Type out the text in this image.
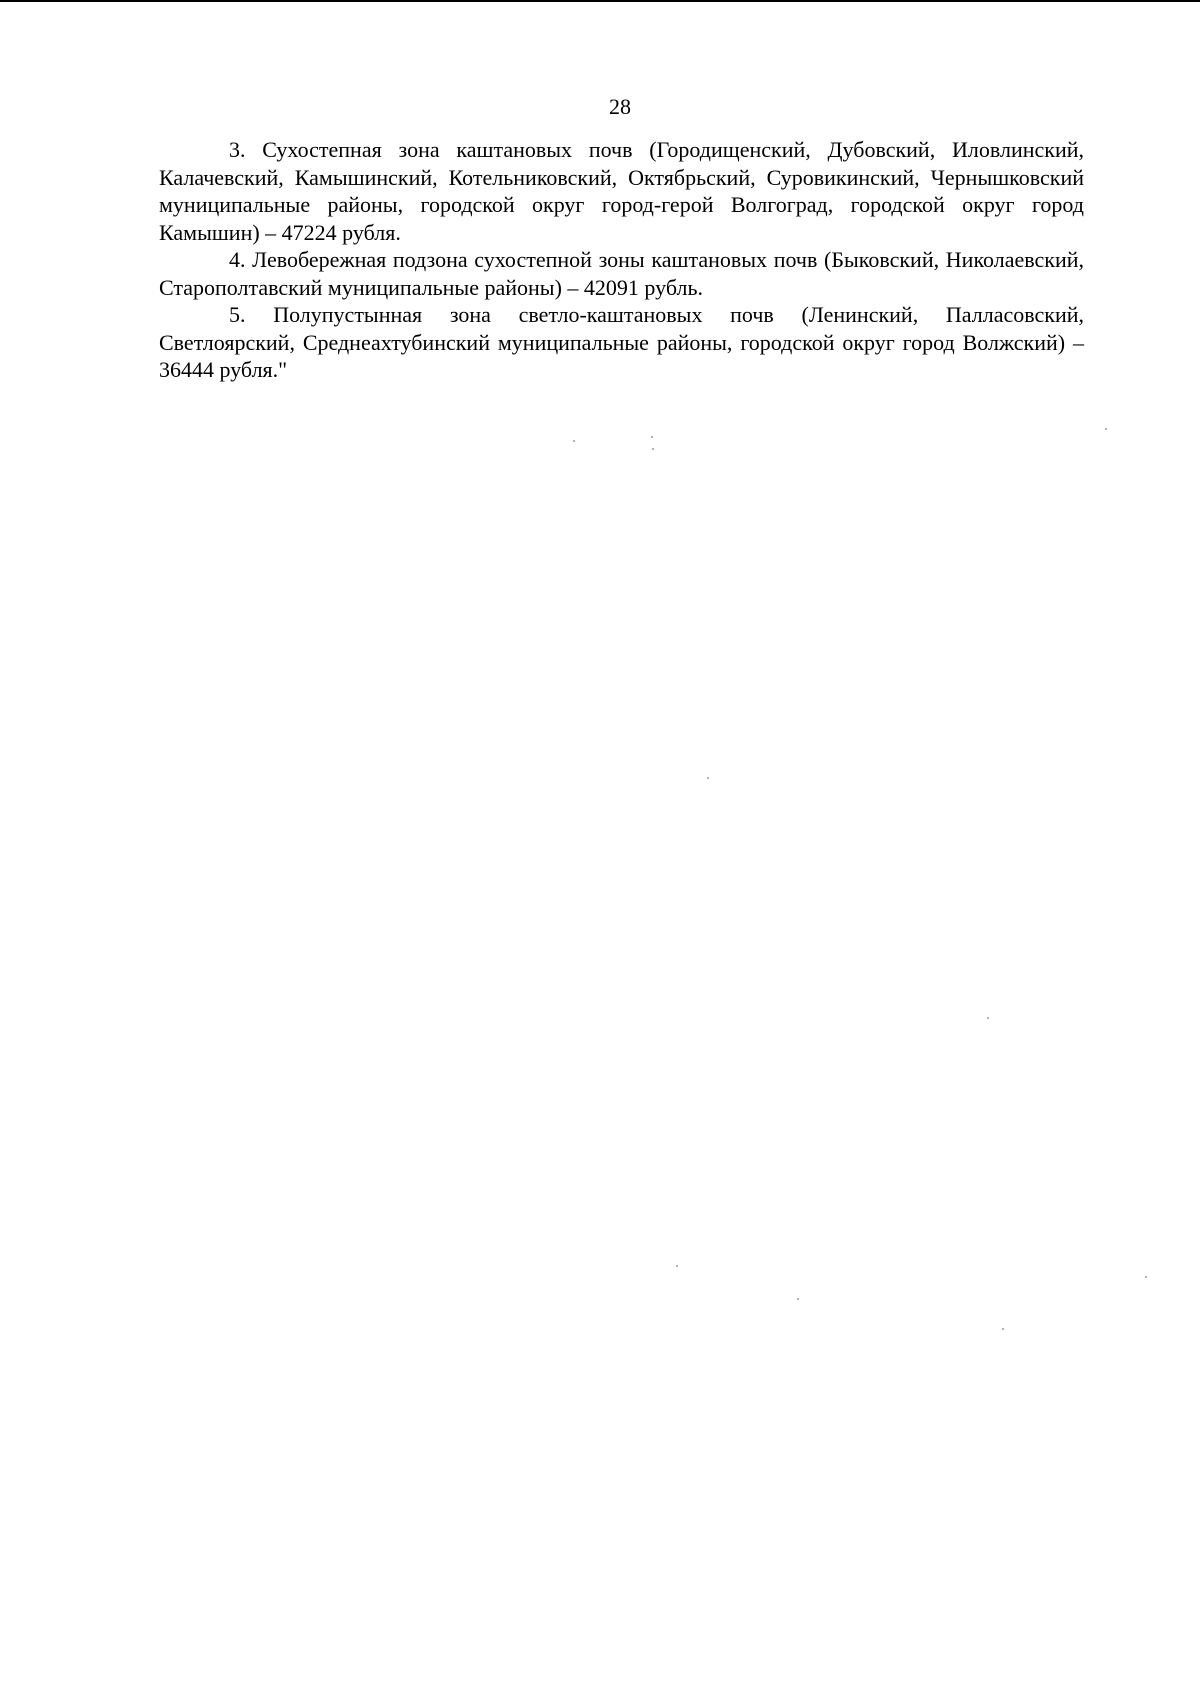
28

3. Сухостепная зона каштановых почв (Городищенский, Дубовский, Иловлинский, Калачевский, Камышинский, Котельниковский, Октябрьский, Суровикинский, Чернышковский муниципальные районы, городской округ город-герой Волгоград, городской округ город Камышин) – 47224 рубля.

4. Левобережная подзона сухостепной зоны каштановых почв (Быковский, Николаевский, Старополтавский муниципальные районы) – 42091 рубль.

5. Полупустынная зона светло-каштановых почв (Ленинский, Палласовский, Светлоярский, Среднеахтубинский муниципальные районы, городской округ город Волжский) – 36444 рубля."
